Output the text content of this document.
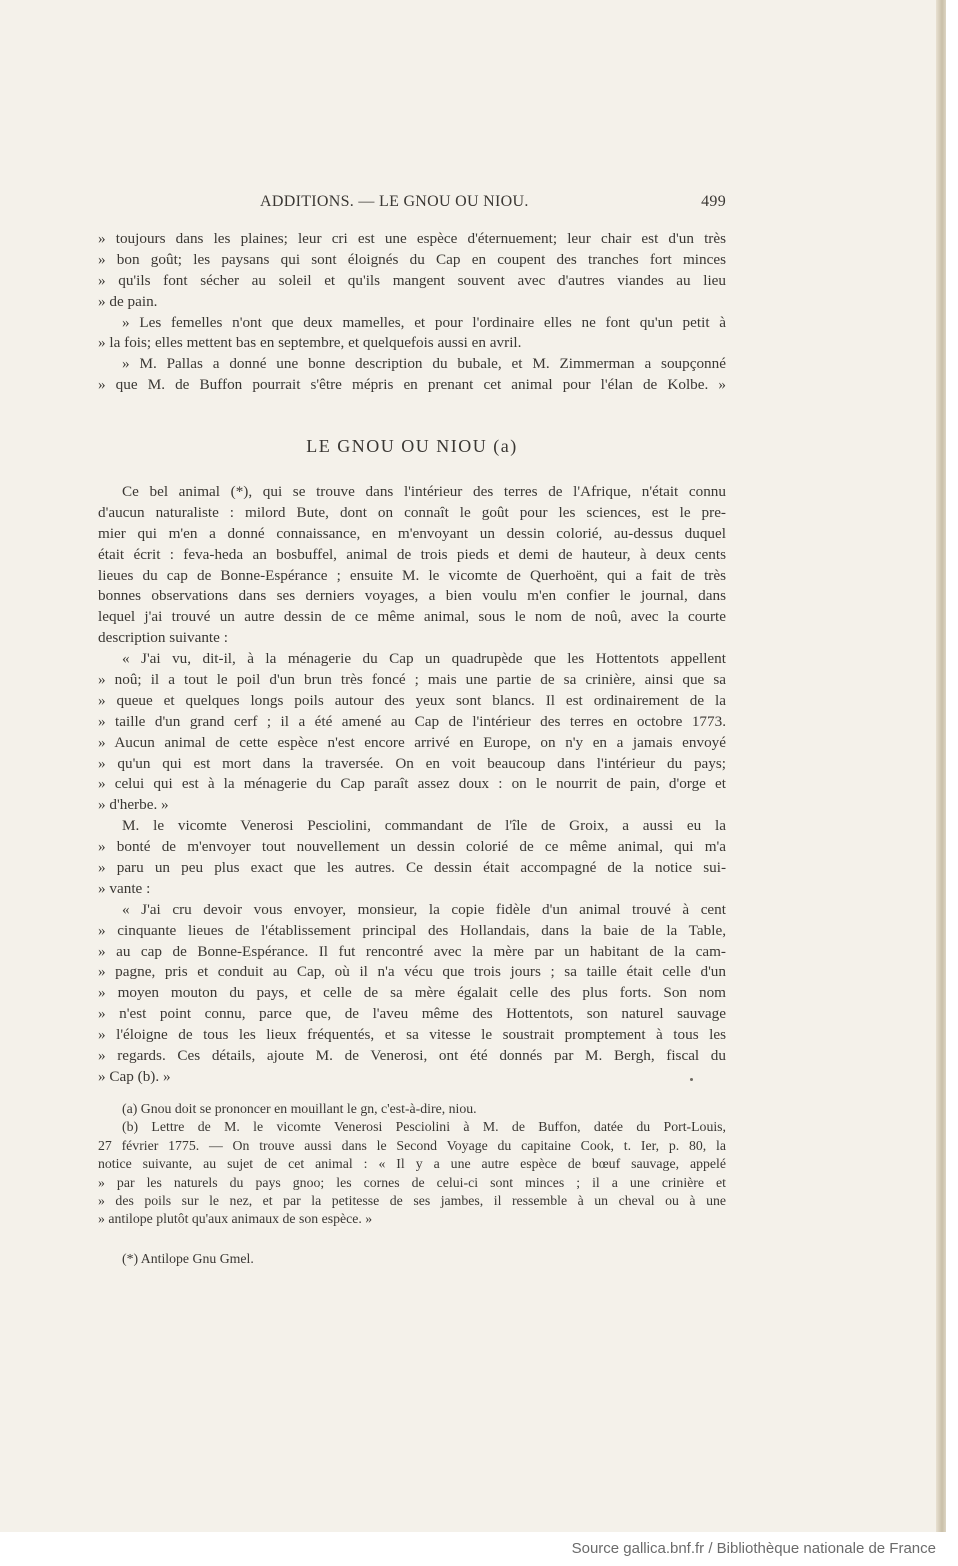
ADDITIONS. — LE GNOU OU NIOU.	499
» toujours dans les plaines; leur cri est une espèce d'éternuement; leur chair est d'un très
» bon goût; les paysans qui sont éloignés du Cap en coupent des tranches fort minces
» qu'ils font sécher au soleil et qu'ils mangent souvent avec d'autres viandes au lieu
» de pain.
» Les femelles n'ont que deux mamelles, et pour l'ordinaire elles ne font qu'un petit à
» la fois; elles mettent bas en septembre, et quelquefois aussi en avril.
» M. Pallas a donné une bonne description du bubale, et M. Zimmerman a soupçonné
» que M. de Buffon pourrait s'être mépris en prenant cet animal pour l'élan de Kolbe. »
LE GNOU OU NIOU (a)
Ce bel animal (*), qui se trouve dans l'intérieur des terres de l'Afrique, n'était connu
d'aucun naturaliste : milord Bute, dont on connaît le goût pour les sciences, est le pre-
mier qui m'en a donné connaissance, en m'envoyant un dessin colorié, au-dessus duquel
était écrit : feva-heda an bosbuffel, animal de trois pieds et demi de hauteur, à deux cents
lieues du cap de Bonne-Espérance ; ensuite M. le vicomte de Querhoënt, qui a fait de très
bonnes observations dans ses derniers voyages, a bien voulu m'en confier le journal, dans
lequel j'ai trouvé un autre dessin de ce même animal, sous le nom de noû, avec la courte
description suivante :
« J'ai vu, dit-il, à la ménagerie du Cap un quadrupède que les Hottentots appellent
» noû; il a tout le poil d'un brun très foncé ; mais une partie de sa crinière, ainsi que sa
» queue et quelques longs poils autour des yeux sont blancs. Il est ordinairement de la
» taille d'un grand cerf ; il a été amené au Cap de l'intérieur des terres en octobre 1773.
» Aucun animal de cette espèce n'est encore arrivé en Europe, on n'y en a jamais envoyé
» qu'un qui est mort dans la traversée. On en voit beaucoup dans l'intérieur du pays;
» celui qui est à la ménagerie du Cap paraît assez doux : on le nourrit de pain, d'orge et
» d'herbe. »
M. le vicomte Venerosi Pesciolini, commandant de l'île de Groix, a aussi eu la
» bonté de m'envoyer tout nouvellement un dessin colorié de ce même animal, qui m'a
» paru un peu plus exact que les autres. Ce dessin était accompagné de la notice sui-
» vante :
« J'ai cru devoir vous envoyer, monsieur, la copie fidèle d'un animal trouvé à cent
» cinquante lieues de l'établissement principal des Hollandais, dans la baie de la Table,
» au cap de Bonne-Espérance. Il fut rencontré avec la mère par un habitant de la cam-
» pagne, pris et conduit au Cap, où il n'a vécu que trois jours ; sa taille était celle d'un
» moyen mouton du pays, et celle de sa mère égalait celle des plus forts. Son nom
» n'est point connu, parce que, de l'aveu même des Hottentots, son naturel sauvage
» l'éloigne de tous les lieux fréquentés, et sa vitesse le soustrait promptement à tous les
» regards. Ces détails, ajoute M. de Venerosi, ont été donnés par M. Bergh, fiscal du
» Cap (b). »
(a) Gnou doit se prononcer en mouillant le gn, c'est-à-dire, niou.
(b) Lettre de M. le vicomte Venerosi Pesciolini à M. de Buffon, datée du Port-Louis,
27 février 1775. — On trouve aussi dans le Second Voyage du capitaine Cook, t. Ier, p. 80, la
notice suivante, au sujet de cet animal : « Il y a une autre espèce de bœuf sauvage, appelé
» par les naturels du pays gnoo; les cornes de celui-ci sont minces ; il a une crinière et
» des poils sur le nez, et par la petitesse de ses jambes, il ressemble à un cheval ou à une
» antilope plutôt qu'aux animaux de son espèce. »
(*) Antilope Gnu Gmel.
Source gallica.bnf.fr / Bibliothèque nationale de France
